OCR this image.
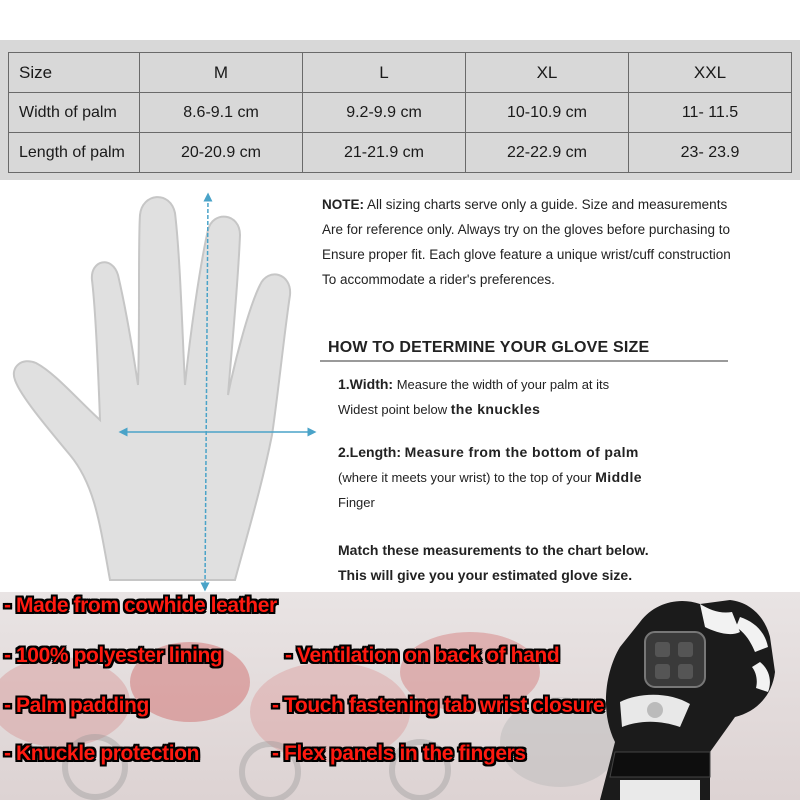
Size	M	L	XL	XXL
Width of palm	8.6-9.1 cm	9.2-9.9 cm	10-10.9 cm	11- 11.5
Length of palm	20-20.9 cm	21-21.9 cm	22-22.9 cm	23- 23.9
NOTE: All sizing charts serve only a guide. Size and measurements
Are for reference only. Always try on the gloves before purchasing to
Ensure proper fit. Each glove feature a unique wrist/cuff construction
To accommodate a rider's preferences.
HOW TO DETERMINE YOUR GLOVE SIZE
1.Width: Measure the width of your palm at its
Widest point below the knuckles
2.Length: Measure from the bottom of palm
(where it meets your wrist) to the top of your Middle
Finger
Match these measurements to the chart below.
This will give you your estimated glove size.
- Made from cowhide leather
- 100% polyester lining	- Ventilation on back of hand
- Palm padding	- Touch fastening tab wrist closure
- Knuckle protection	- Flex panels in the fingers
